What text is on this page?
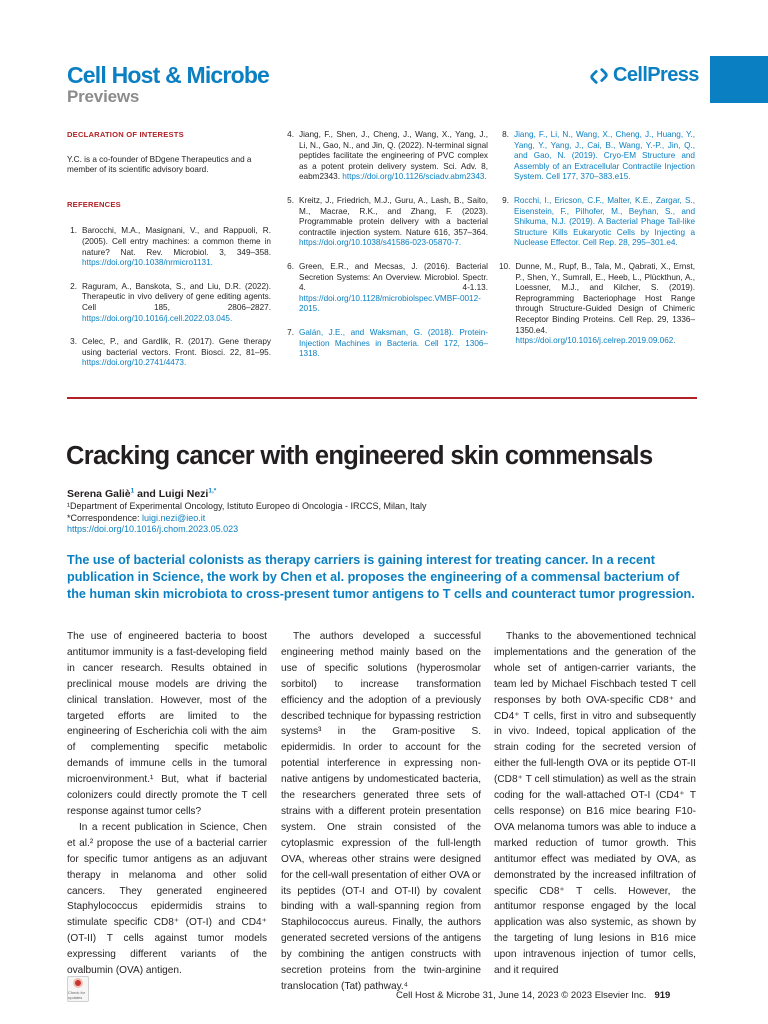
Cell Host & Microbe
Previews
CellPress
DECLARATION OF INTERESTS
Y.C. is a co-founder of BDgene Therapeutics and a member of its scientific advisory board.
REFERENCES
1. Barocchi, M.A., Masignani, V., and Rappuoli, R. (2005). Cell entry machines: a common theme in nature? Nat. Rev. Microbiol. 3, 349–358. https://doi.org/10.1038/nrmicro1131.
2. Raguram, A., Banskota, S., and Liu, D.R. (2022). Therapeutic in vivo delivery of gene editing agents. Cell 185, 2806–2827. https://doi.org/10.1016/j.cell.2022.03.045.
3. Celec, P., and Gardlik, R. (2017). Gene therapy using bacterial vectors. Front. Biosci. 22, 81–95. https://doi.org/10.2741/4473.
4. Jiang, F., Shen, J., Cheng, J., Wang, X., Yang, J., Li, N., Gao, N., and Jin, Q. (2022). N-terminal signal peptides facilitate the engineering of PVC complex as a potent protein delivery system. Sci. Adv. 8, eabm2343. https://doi.org/10.1126/sciadv.abm2343.
5. Kreitz, J., Friedrich, M.J., Guru, A., Lash, B., Saito, M., Macrae, R.K., and Zhang, F. (2023). Programmable protein delivery with a bacterial contractile injection system. Nature 616, 357–364. https://doi.org/10.1038/s41586-023-05870-7.
6. Green, E.R., and Mecsas, J. (2016). Bacterial Secretion Systems: An Overview. Microbiol. Spectr. 4. 4-1.13. https://doi.org/10.1128/microbiolspec.VMBF-0012-2015.
7. Galán, J.E., and Waksman, G. (2018). Protein-Injection Machines in Bacteria. Cell 172, 1306–1318.
8. Jiang, F., Li, N., Wang, X., Cheng, J., Huang, Y., Yang, Y., Yang, J., Cai, B., Wang, Y.-P., Jin, Q., and Gao, N. (2019). Cryo-EM Structure and Assembly of an Extracellular Contractile Injection System. Cell 177, 370–383.e15.
9. Rocchi, I., Ericson, C.F., Malter, K.E., Zargar, S., Eisenstein, F., Pilhofer, M., Beyhan, S., and Shikuma, N.J. (2019). A Bacterial Phage Tail-like Structure Kills Eukaryotic Cells by Injecting a Nuclease Effector. Cell Rep. 28, 295–301.e4.
10. Dunne, M., Rupf, B., Tala, M., Qabrati, X., Ernst, P., Shen, Y., Sumrall, E., Heeb, L., Plückthun, A., Loessner, M.J., and Kilcher, S. (2019). Reprogramming Bacteriophage Host Range through Structure-Guided Design of Chimeric Receptor Binding Proteins. Cell Rep. 29, 1336–1350.e4. https://doi.org/10.1016/j.celrep.2019.09.062.
Cracking cancer with engineered skin commensals
Serena Galiè$^1$ and Luigi Nezi$^{1,*}$
¹Department of Experimental Oncology, Istituto Europeo di Oncologia - IRCCS, Milan, Italy
*Correspondence: luigi.nezi@ieo.it
https://doi.org/10.1016/j.chom.2023.05.023
The use of bacterial colonists as therapy carriers is gaining interest for treating cancer. In a recent publication in Science, the work by Chen et al. proposes the engineering of a commensal bacterium of the human skin microbiota to cross-present tumor antigens to T cells and counteract tumor progression.

The use of engineered bacteria to boost antitumor immunity is a fast-developing field in cancer research. Results obtained in preclinical mouse models are driving the clinical translation. However, most of the targeted efforts are limited to the engineering of Escherichia coli with the aim of complementing specific metabolic demands of immune cells in the tumoral microenvironment.¹ But, what if bacterial colonizers could directly promote the T cell response against tumor cells?

In a recent publication in Science, Chen et al.² propose the use of a bacterial carrier for specific tumor antigens as an adjuvant therapy in melanoma and other solid cancers. They generated engineered Staphylococcus epidermidis strains to stimulate specific CD8⁺ (OT-I) and CD4⁺ (OT-II) T cells against tumor models expressing different variants of the ovalbumin (OVA) antigen.

The authors developed a successful engineering method mainly based on the use of specific solutions (hyperosmolar sorbitol) to increase transformation efficiency and the adoption of a previously described technique for bypassing restriction systems³ in the Gram-positive S. epidermidis. In order to account for the potential interference in expressing non-native antigens by undomesticated bacteria, the researchers generated three sets of strains with a different protein presentation system. One strain consisted of the cytoplasmic expression of the full-length OVA, whereas other strains were designed for the cell-wall presentation of either OVA or its peptides (OT-I and OT-II) by covalent binding with a wall-spanning region from Staphilococcus aureus. Finally, the authors generated secreted versions of the antigens by combining the antigen constructs with secretion proteins from the twin-arginine translocation (Tat) pathway.⁴

Thanks to the abovementioned technical implementations and the generation of the whole set of antigen-carrier variants, the team led by Michael Fischbach tested T cell responses by both OVA-specific CD8⁺ and CD4⁺ T cells, first in vitro and subsequently in vivo. Indeed, topical application of the strain coding for the secreted version of either the full-length OVA or its peptide OT-II (CD8⁺ T cell stimulation) as well as the strain coding for the wall-attached OT-I (CD4⁺ T cells response) on B16 mice bearing F10-OVA melanoma tumors was able to induce a marked reduction of tumor growth. This antitumor effect was mediated by OVA, as demonstrated by the increased infiltration of specific CD8⁺ T cells. However, the antitumor response engaged by the local application was also systemic, as shown by the targeting of lung lesions in B16 mice upon intravenous injection of tumor cells, and it required

Check for updates	Cell Host & Microbe 31, June 14, 2023 © 2023 Elsevier Inc. 919
